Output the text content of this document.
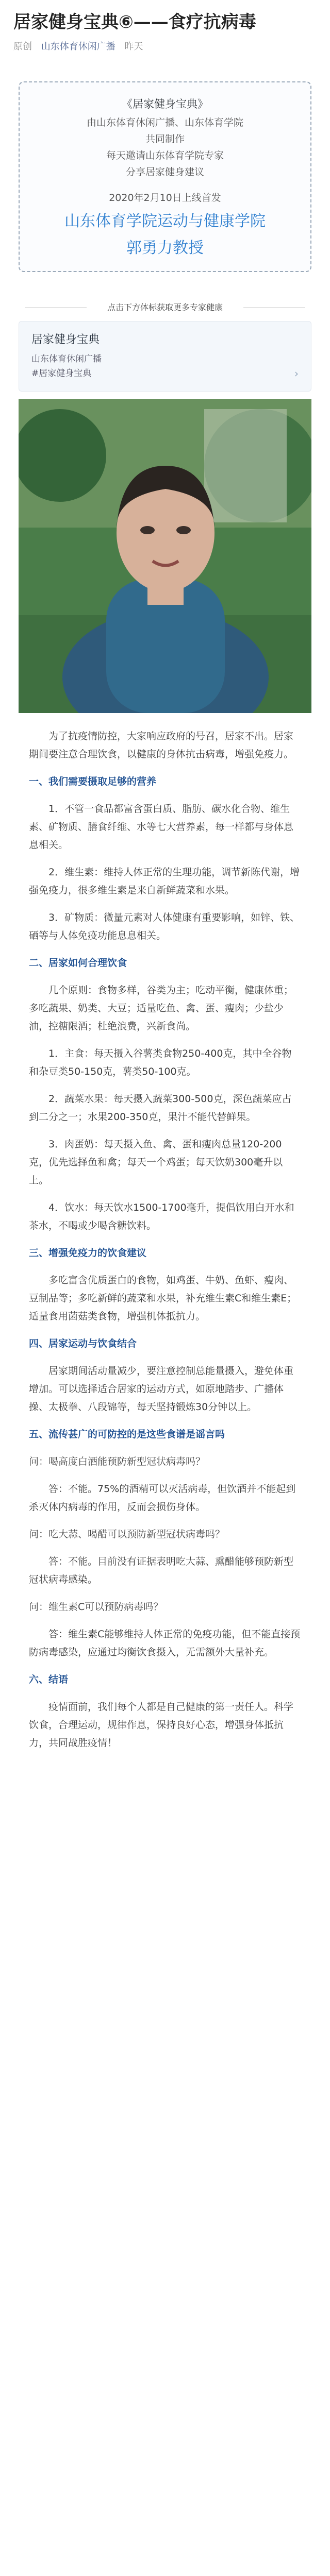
居家健身宝典⑥——食疗抗病毒
原创 山东体育休闲广播 昨天
《居家健身宝典》
由山东体育休闲广播、山东体育学院
共同制作
每天邀请山东体育学院专家
分享居家健身建议
2020年2月10日上线首发
山东体育学院运动与健康学院
郭勇力教授
点击下方体标获取更多专家健康
居家健身宝典
山东体育休闲广播
#居家健身宝典	›

为了抗疫情防控，大家响应政府的号召，居家不出。居家期间要注意合理饮食，以健康的身体抗击病毒，增强免疫力。

一、我们需要摄取足够的营养

1．不管一食品都富含蛋白质、脂肪、碳水化合物、维生素、矿物质、膳食纤维、水等七大营养素，每一样都与身体息息相关。

2．维生素：维持人体正常的生理功能，调节新陈代谢，增强免疫力，很多维生素是来自新鲜蔬菜和水果。

3．矿物质：微量元素对人体健康有重要影响，如锌、铁、硒等与人体免疫功能息息相关。

二、居家如何合理饮食

几个原则：食物多样，谷类为主；吃动平衡，健康体重；多吃蔬果、奶类、大豆；适量吃鱼、禽、蛋、瘦肉；少盐少油，控糖限酒；杜绝浪费，兴新食尚。

1．主食：每天摄入谷薯类食物250-400克，其中全谷物和杂豆类50-150克，薯类50-100克。

2．蔬菜水果：每天摄入蔬菜300-500克，深色蔬菜应占到二分之一；水果200-350克，果汁不能代替鲜果。

3．肉蛋奶：每天摄入鱼、禽、蛋和瘦肉总量120-200克，优先选择鱼和禽；每天一个鸡蛋；每天饮奶300毫升以上。

4．饮水：每天饮水1500-1700毫升，提倡饮用白开水和茶水，不喝或少喝含糖饮料。

三、增强免疫力的饮食建议

多吃富含优质蛋白的食物，如鸡蛋、牛奶、鱼虾、瘦肉、豆制品等；多吃新鲜的蔬菜和水果，补充维生素C和维生素E；适量食用菌菇类食物，增强机体抵抗力。

四、居家运动与饮食结合

居家期间活动量减少，要注意控制总能量摄入，避免体重增加。可以选择适合居家的运动方式，如原地踏步、广播体操、太极拳、八段锦等，每天坚持锻炼30分钟以上。

五、流传甚广的可防控的是这些食谱是谣言吗

问：喝高度白酒能预防新型冠状病毒吗？

答：不能。75%的酒精可以灭活病毒，但饮酒并不能起到杀灭体内病毒的作用，反而会损伤身体。

问：吃大蒜、喝醋可以预防新型冠状病毒吗？

答：不能。目前没有证据表明吃大蒜、熏醋能够预防新型冠状病毒感染。

问：维生素C可以预防病毒吗？

答：维生素C能够维持人体正常的免疫功能，但不能直接预防病毒感染，应通过均衡饮食摄入，无需额外大量补充。

六、结语

疫情面前，我们每个人都是自己健康的第一责任人。科学饮食，合理运动，规律作息，保持良好心态，增强身体抵抗力，共同战胜疫情！
